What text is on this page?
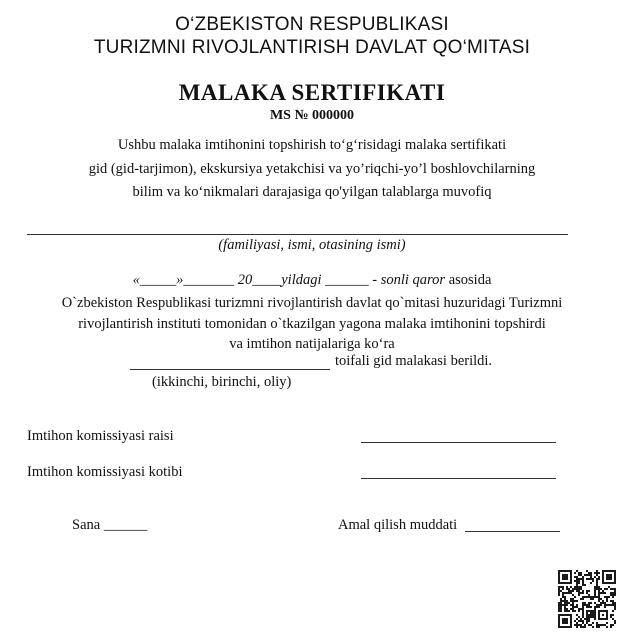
O‘ZBEKISTON RESPUBLIKASI
TURIZMNI RIVOJLANTIRISH DAVLAT QO‘MITASI
MALAKA SERTIFIKATI
MS № 000000
Ushbu malaka imtihonini topshirish to‘g‘risidagi malaka sertifikati
gid (gid-tarjimon), ekskursiya yetakchisi va yo’riqchi-yo’l boshlovchilarning
bilim va ko‘nikmalari darajasiga qo'yilgan talablarga muvofiq
(familiyasi, ismi, otasining ismi)
«_____»_______ 20____yildagi ______ - sonli qaror asosida
O`zbekiston Respublikasi turizmni rivojlantirish davlat qo`mitasi huzuridagi Turizmni
rivojlantirish instituti tomonidan o`tkazilgan yagona malaka imtihonini topshirdi
va imtihon natijalariga ko‘ra
toifali gid malakasi berildi.
(ikkinchi, birinchi, oliy)
Imtihon komissiyasi raisi
Imtihon komissiyasi kotibi
Sana ______	Amal qilish muddati
